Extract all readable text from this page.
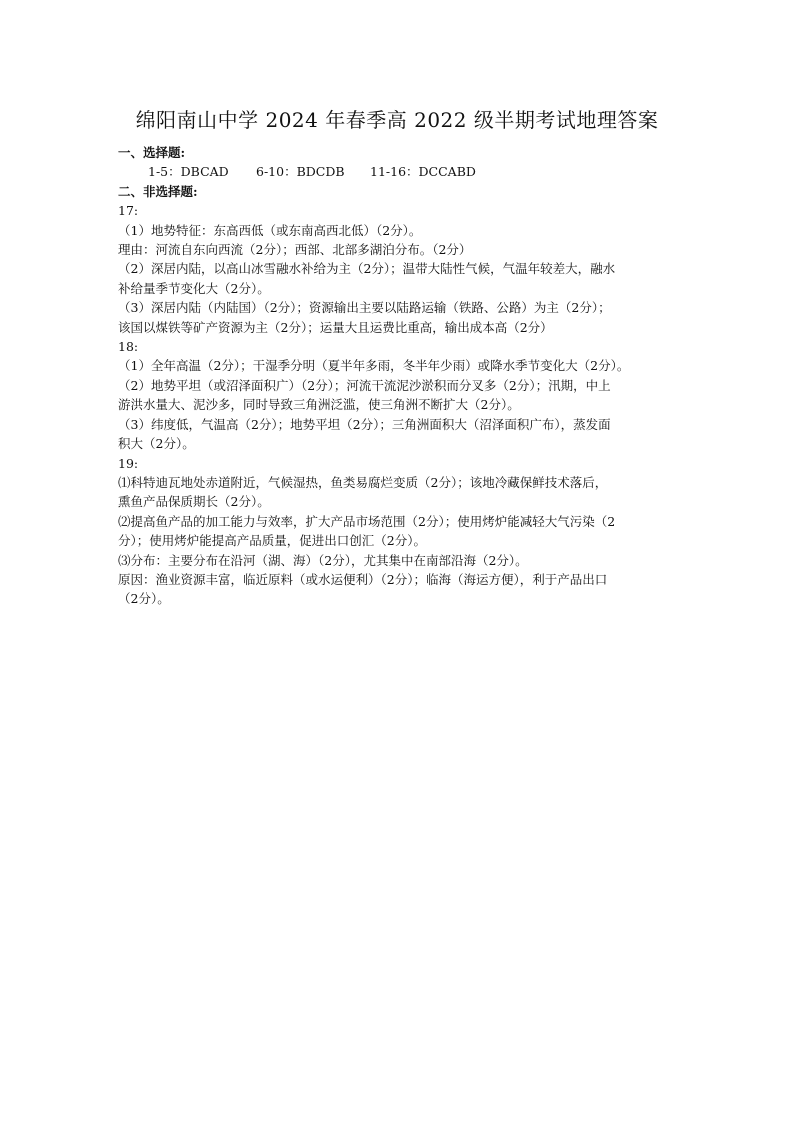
绵阳南山中学 2024 年春季高 2022 级半期考试地理答案
一、选择题:
1-5：DBCAD 6-10：BDCDB 11-16：DCCABD
二、非选择题:
17:
（1）地势特征：东高西低（或东南高西北低）（2分）。
理由：河流自东向西流（2分）；西部、北部多湖泊分布。（2分）
（2）深居内陆，以高山冰雪融水补给为主（2分）；温带大陆性气候，气温年较差大，融水
补给量季节变化大（2分）。
（3）深居内陆（内陆国）（2分）；资源输出主要以陆路运输（铁路、公路）为主（2分）；
该国以煤铁等矿产资源为主（2分）；运量大且运费比重高，输出成本高（2分）
18:
（1）全年高温（2分）；干湿季分明（夏半年多雨，冬半年少雨）或降水季节变化大（2分）。
（2）地势平坦（或沼泽面积广）（2分）；河流干流泥沙淤积而分叉多（2分）；汛期，中上
游洪水量大、泥沙多，同时导致三角洲泛滥，使三角洲不断扩大（2分）。
（3）纬度低，气温高（2分）；地势平坦（2分）；三角洲面积大（沼泽面积广布），蒸发面
积大（2分）。
19:
⑴科特迪瓦地处赤道附近，气候湿热，鱼类易腐烂变质（2分）；该地冷藏保鲜技术落后，
熏鱼产品保质期长（2分）。
⑵提高鱼产品的加工能力与效率，扩大产品市场范围（2分）；使用烤炉能减轻大气污染（2
分）；使用烤炉能提高产品质量，促进出口创汇（2分）。
⑶分布：主要分布在沿河（湖、海）（2分），尤其集中在南部沿海（2分）。
原因：渔业资源丰富，临近原料（或水运便利）（2分）；临海（海运方便），利于产品出口
（2分）。
